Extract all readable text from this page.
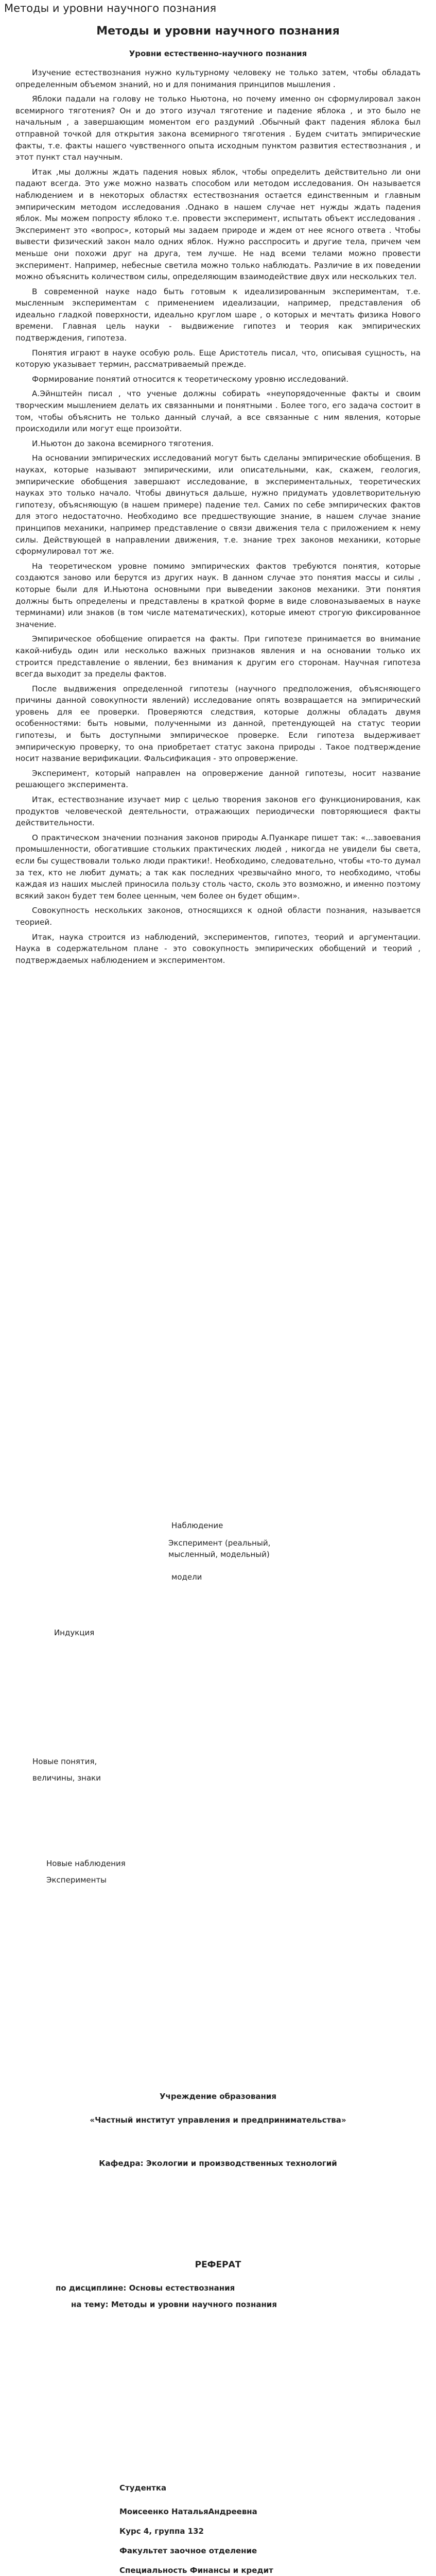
Методы и уровни научного познания
Методы и уровни научного познания
Уровни естественно-научного познания

Изучение естествознания нужно культурному человеку не только затем, чтобы обладать определенным объемом знаний, но и для понимания принципов мышления .

Яблоки падали на голову не только Ньютона, но почему именно он сформулировал закон всемирного тяготения? Он и до этого изучал тяготение и падение яблока , и это было не начальным , а завершающим моментом его раздумий .Обычный факт падения яблока был отправной точкой для открытия закона всемирного тяготения . Будем считать эмпирические факты, т.е. факты нашего чувственного опыта исходным пунктом развития естествознания , и этот пункт стал научным.

Итак ,мы должны ждать падения новых яблок, чтобы определить действительно ли они падают всегда. Это уже можно назвать способом или методом исследования. Он называется наблюдением и в некоторых областях естествознания остается единственным и главным эмпирическим методом исследования .Однако в нашем случае нет нужды ждать падения яблок. Мы можем попросту яблоко т.е. провести эксперимент, испытать объект исследования . Эксперимент это «вопрос», который мы задаем природе и ждем от нее ясного ответа . Чтобы вывести физический закон мало одних яблок. Нужно расспросить и другие тела, причем чем меньше они похожи друг на друга, тем лучше. Не над всеми телами можно провести эксперимент. Например, небесные светила можно только наблюдать. Различие в их поведении можно объяснить количеством силы, определяющим взаимодействие двух или нескольких тел.

В современной науке надо быть готовым к идеализированным экспериментам, т.е. мысленным экспериментам с применением идеализации, например, представления об идеально гладкой поверхности, идеально круглом шаре , о которых и мечтать физика Нового времени. Главная цель науки - выдвижение гипотез и теория как эмпирических подтверждения, гипотеза.

Понятия играют в науке особую роль. Еще Аристотель писал, что, описывая сущность, на которую указывает термин, рассматриваемый прежде.

Формирование понятий относится к теоретическому уровню исследований.

А.Эйнштейн писал , что ученые должны собирать «неупорядоченные факты и своим творческим мышлением делать их связанными и понятными . Более того, его задача состоит в том, чтобы объяснить не только данный случай, а все связанные с ним явления, которые происходили или могут еще произойти.

И.Ньютон до закона всемирного тяготения.

На основании эмпирических исследований могут быть сделаны эмпирические обобщения. В науках, которые называют эмпирическими, или описательными, как, скажем, геология, эмпирические обобщения завершают исследование, в экспериментальных, теоретических науках это только начало. Чтобы двинуться дальше, нужно придумать удовлетворительную гипотезу, объясняющую (в нашем примере) падение тел. Самих по себе эмпирических фактов для этого недостаточно. Необходимо все предшествующие знание, в нашем случае знание принципов механики, например представление о связи движения тела с приложением к нему силы. Действующей в направлении движения, т.е. знание трех законов механики, которые сформулировал тот же.

На теоретическом уровне помимо эмпирических фактов требуются понятия, которые создаются заново или берутся из других наук. В данном случае это понятия массы и силы , которые были для И.Ньютона основными при выведении законов механики. Эти понятия должны быть определены и представлены в краткой форме в виде словоназываемых в науке терминами) или знаков (в том числе математических), которые имеют строгую фиксированное значение.

Эмпирическое обобщение опирается на факты. При гипотезе принимается во внимание какой-нибудь один или несколько важных признаков явления и на основании только их строится представление о явлении, без внимания к другим его сторонам. Научная гипотеза всегда выходит за пределы фактов.

После выдвижения определенной гипотезы (научного предположения, объясняющего причины данной совокупности явлений) исследование опять возвращается на эмпирический уровень для ее проверки. Проверяются следствия, которые должны обладать двумя особенностями: быть новыми, полученными из данной, претендующей на статус теории гипотезы, и быть доступными эмпирическое проверке. Если гипотеза выдерживает эмпирическую проверку, то она приобретает статус закона природы . Такое подтверждение носит название верификации. Фальсификация - это опровержение.

Эксперимент, который направлен на опровержение данной гипотезы, носит название решающего эксперимента.

Итак, естествознание изучает мир с целью творения законов его функционирования, как продуктов человеческой деятельности, отражающих периодически повторяющиеся факты действительности.

О практическом значении познания законов природы А.Пуанкаре пишет так: «...завоевания промышленности, обогатившие стольких практических людей , никогда не увидели бы света, если бы существовали только люди практики!. Необходимо, следовательно, чтобы «то-то думал за тех, кто не любит думать; а так как последних чрезвычайно много, то необходимо, чтобы каждая из наших мыслей приносила пользу столь часто, сколь это возможно, и именно поэтому всякий закон будет тем более ценным, чем более он будет общим».

Совокупность нескольких законов, относящихся к одной области познания, называется теорией.

Итак, наука строится из наблюдений, экспериментов, гипотез, теорий и аргументации. Наука в содержательном плане - это совокупность эмпирических обобщений и теорий , подтверждаемых наблюдением и экспериментом.

Наблюдение
Эксперимент (реальный,
мысленный, модельный)
модели
Индукция
Новые понятия,
величины, знаки
Новые наблюдения
Эксперименты
Учреждение образования
«Частный институт управления и предпринимательства»
Кафедра: Экологии и производственных технологий
РЕФЕРАТ
по дисциплине: Основы естествознания
на тему: Методы и уровни научного познания
Студентка
Моисеенко НатальяАндреевна
Курс 4, группа 132
Факультет заочное отделение
Специальность Финансы и кредит
